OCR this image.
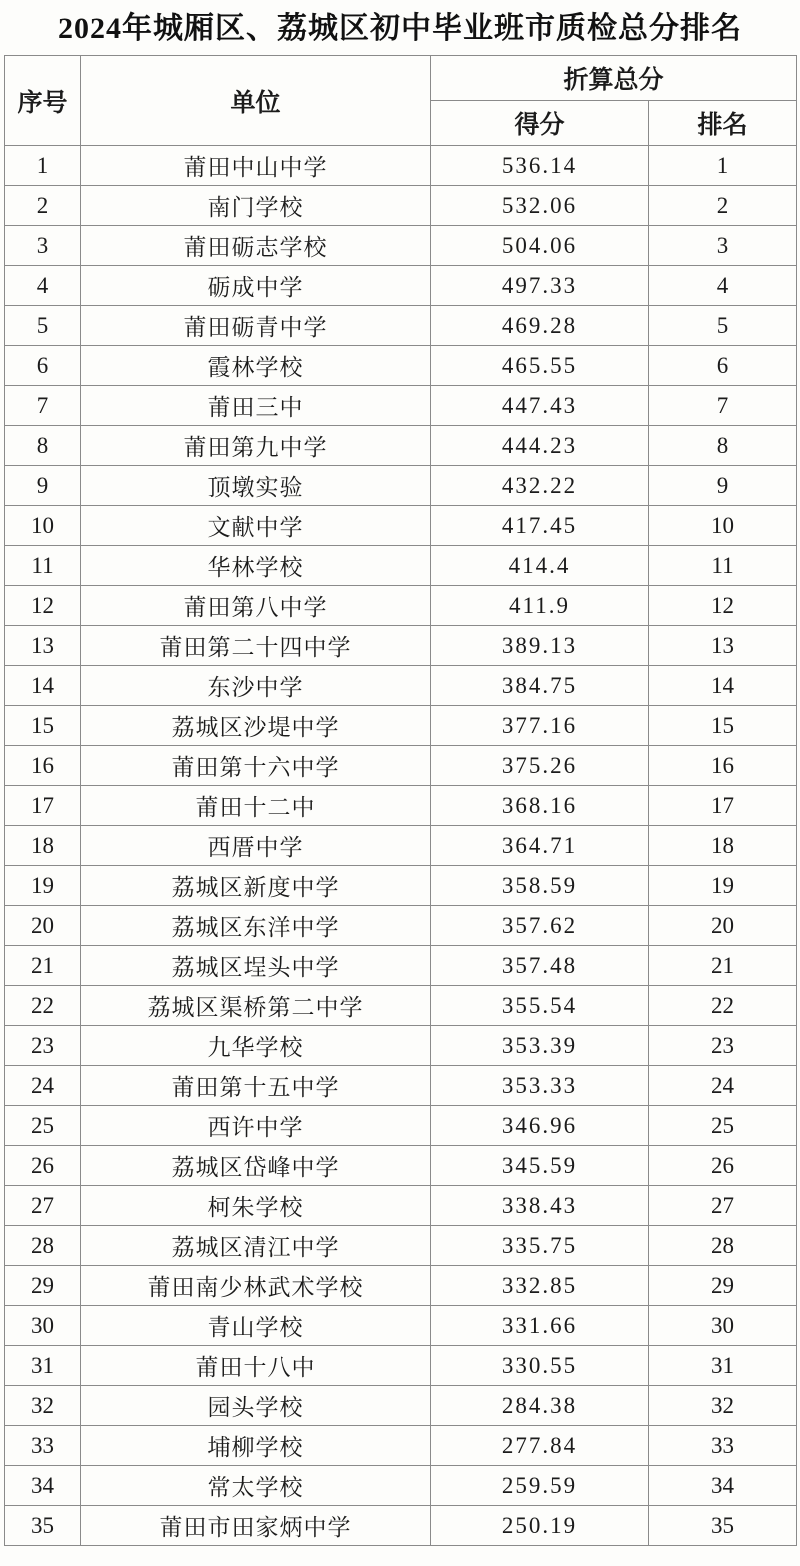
2024年城厢区、荔城区初中毕业班市质检总分排名
序号	单位	折算总分	
		得分	排名
1	莆田中山中学	536.14	1
2	南门学校	532.06	2
3	莆田砺志学校	504.06	3
4	砺成中学	497.33	4
5	莆田砺青中学	469.28	5
6	霞林学校	465.55	6
7	莆田三中	447.43	7
8	莆田第九中学	444.23	8
9	顶墩实验	432.22	9
10	文献中学	417.45	10
11	华林学校	414.4	11
12	莆田第八中学	411.9	12
13	莆田第二十四中学	389.13	13
14	东沙中学	384.75	14
15	荔城区沙堤中学	377.16	15
16	莆田第十六中学	375.26	16
17	莆田十二中	368.16	17
18	西厝中学	364.71	18
19	荔城区新度中学	358.59	19
20	荔城区东洋中学	357.62	20
21	荔城区埕头中学	357.48	21
22	荔城区渠桥第二中学	355.54	22
23	九华学校	353.39	23
24	莆田第十五中学	353.33	24
25	西许中学	346.96	25
26	荔城区岱峰中学	345.59	26
27	柯朱学校	338.43	27
28	荔城区清江中学	335.75	28
29	莆田南少林武术学校	332.85	29
30	青山学校	331.66	30
31	莆田十八中	330.55	31
32	园头学校	284.38	32
33	埔柳学校	277.84	33
34	常太学校	259.59	34
35	莆田市田家炳中学	250.19	35
